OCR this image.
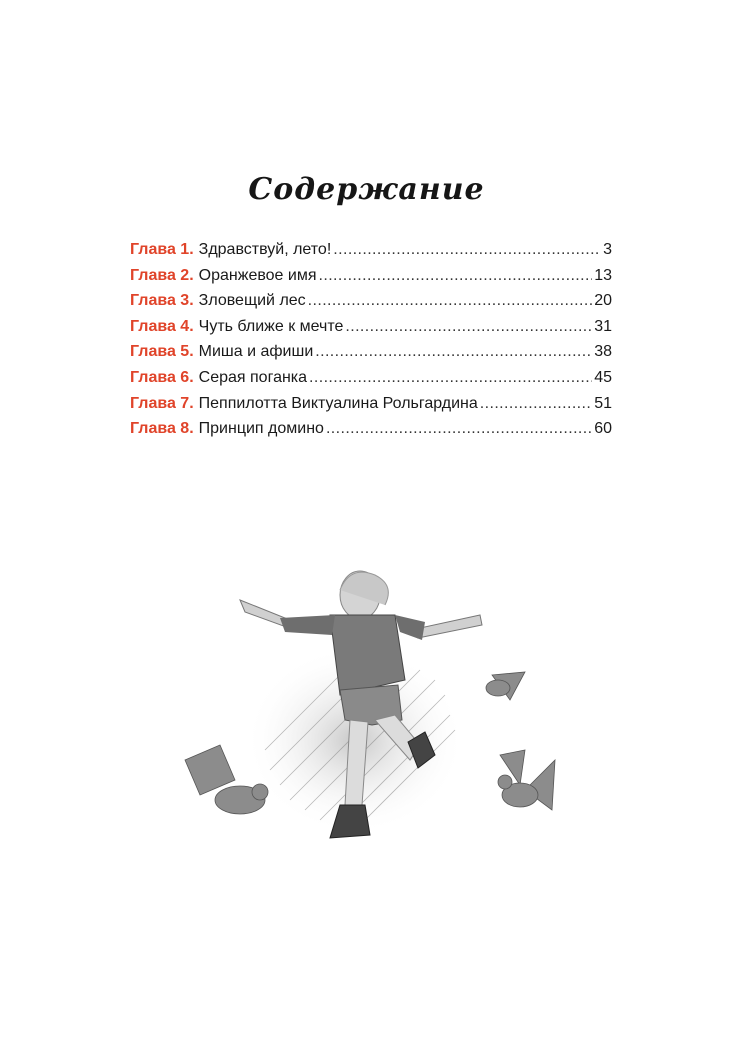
Содержание
Глава 1. Здравствуй, лето! .....	3
Глава 2. Оранжевое имя .....	13
Глава 3. Зловещий лес .....	20
Глава 4. Чуть ближе к мечте .....	31
Глава 5. Миша и афиши .....	38
Глава 6. Серая поганка .....	45
Глава 7. Пеппилотта Виктуалина Рольгардина .....	51
Глава 8. Принцип домино .....	60
